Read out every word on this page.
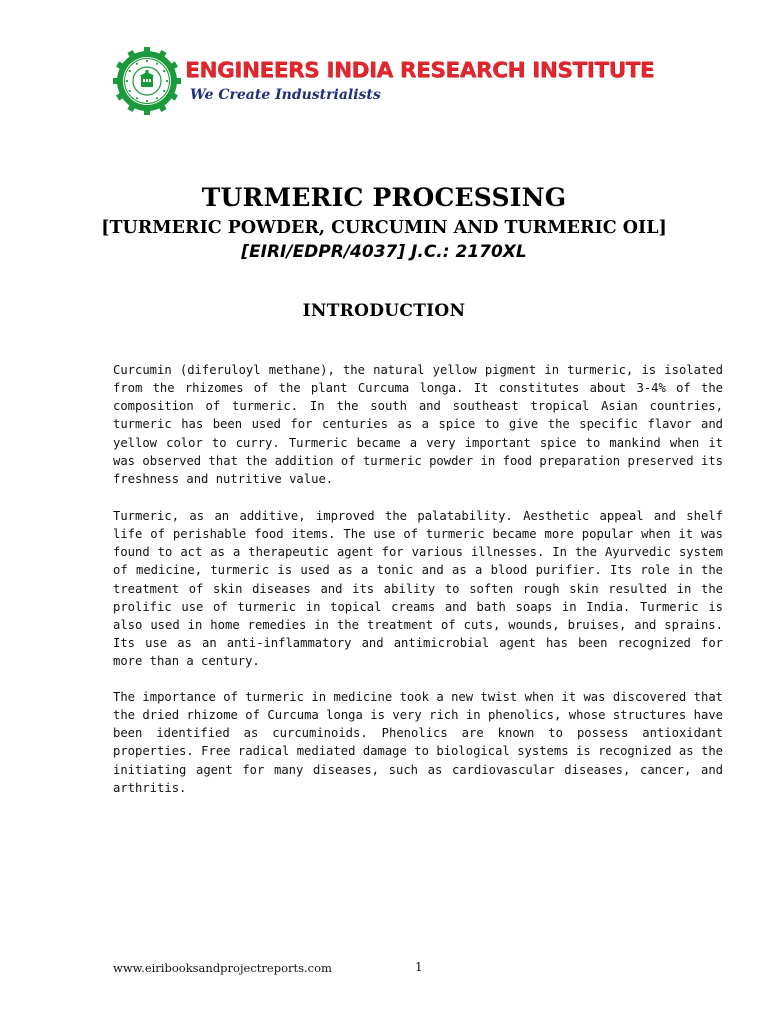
ENGINEERS INDIA RESEARCH INSTITUTE
We Create Industrialists
TURMERIC PROCESSING
[TURMERIC POWDER, CURCUMIN AND TURMERIC OIL]
[EIRI/EDPR/4037] J.C.: 2170XL
INTRODUCTION

Curcumin (diferuloyl methane), the natural yellow pigment in turmeric, is isolated from the rhizomes of the plant Curcuma longa. It constitutes about 3-4% of the composition of turmeric. In the south and southeast tropical Asian countries, turmeric has been used for centuries as a spice to give the specific flavor and yellow color to curry. Turmeric became a very important spice to mankind when it was observed that the addition of turmeric powder in food preparation preserved its freshness and nutritive value.

Turmeric, as an additive, improved the palatability. Aesthetic appeal and shelf life of perishable food items. The use of turmeric became more popular when it was found to act as a therapeutic agent for various illnesses. In the Ayurvedic system of medicine, turmeric is used as a tonic and as a blood purifier. Its role in the treatment of skin diseases and its ability to soften rough skin resulted in the prolific use of turmeric in topical creams and bath soaps in India. Turmeric is also used in home remedies in the treatment of cuts, wounds, bruises, and sprains. Its use as an anti-inflammatory and antimicrobial agent has been recognized for more than a century.

The importance of turmeric in medicine took a new twist when it was discovered that the dried rhizome of Curcuma longa is very rich in phenolics, whose structures have been identified as curcuminoids. Phenolics are known to possess antioxidant properties. Free radical mediated damage to biological systems is recognized as the initiating agent for many diseases, such as cardiovascular diseases, cancer, and arthritis.

www.eiribooksandprojectreports.com	1
